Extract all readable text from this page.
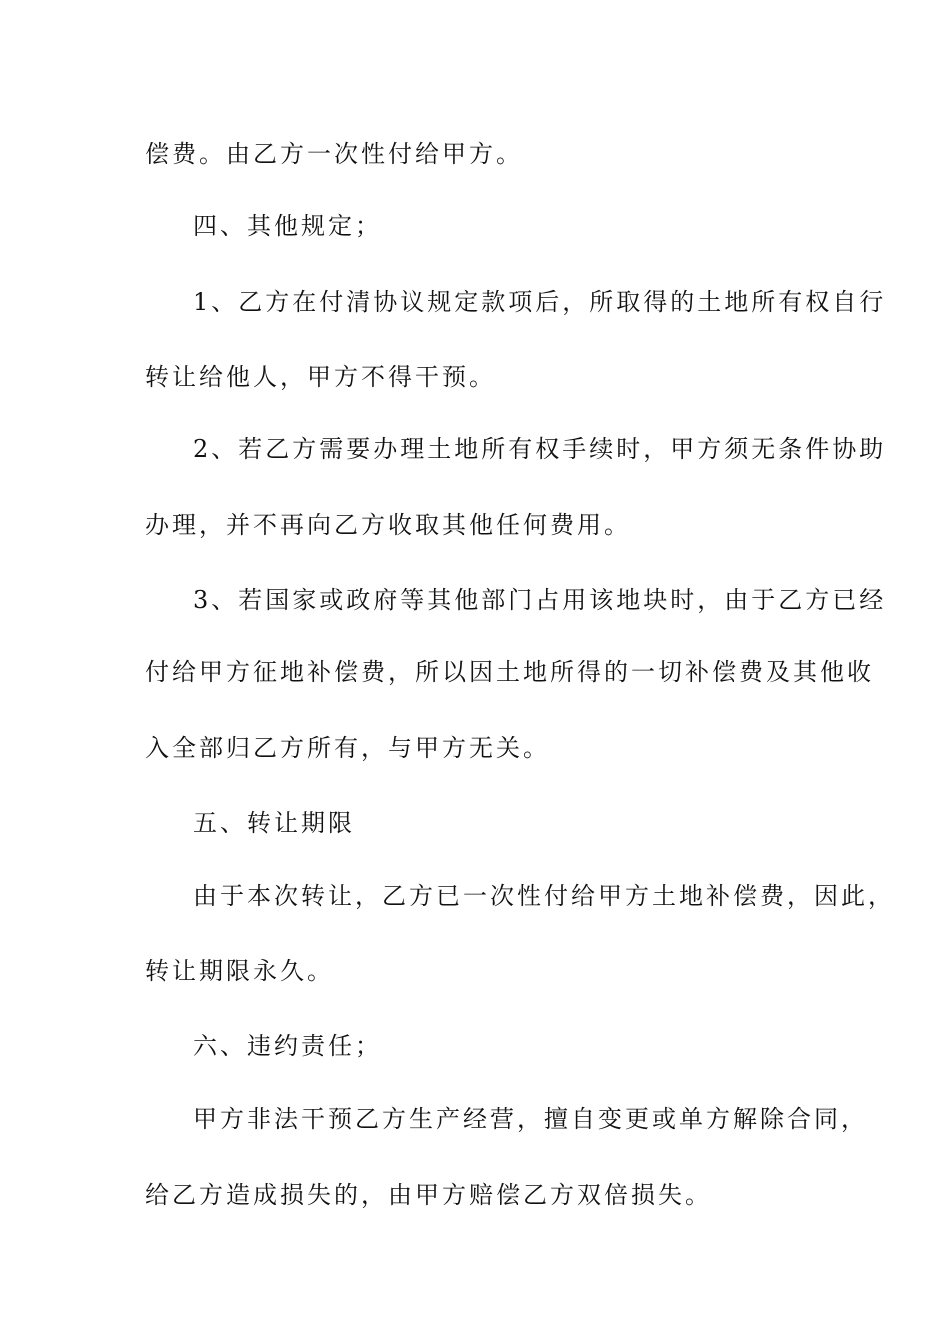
偿费。由乙方一次性付给甲方。
四、其他规定；
1、乙方在付清协议规定款项后，所取得的土地所有权自行
转让给他人，甲方不得干预。
2、若乙方需要办理土地所有权手续时，甲方须无条件协助
办理，并不再向乙方收取其他任何费用。
3、若国家或政府等其他部门占用该地块时，由于乙方已经
付给甲方征地补偿费，所以因土地所得的一切补偿费及其他收
入全部归乙方所有，与甲方无关。
五、转让期限
由于本次转让，乙方已一次性付给甲方土地补偿费，因此，
转让期限永久。
六、违约责任；
甲方非法干预乙方生产经营，擅自变更或单方解除合同，
给乙方造成损失的，由甲方赔偿乙方双倍损失。
